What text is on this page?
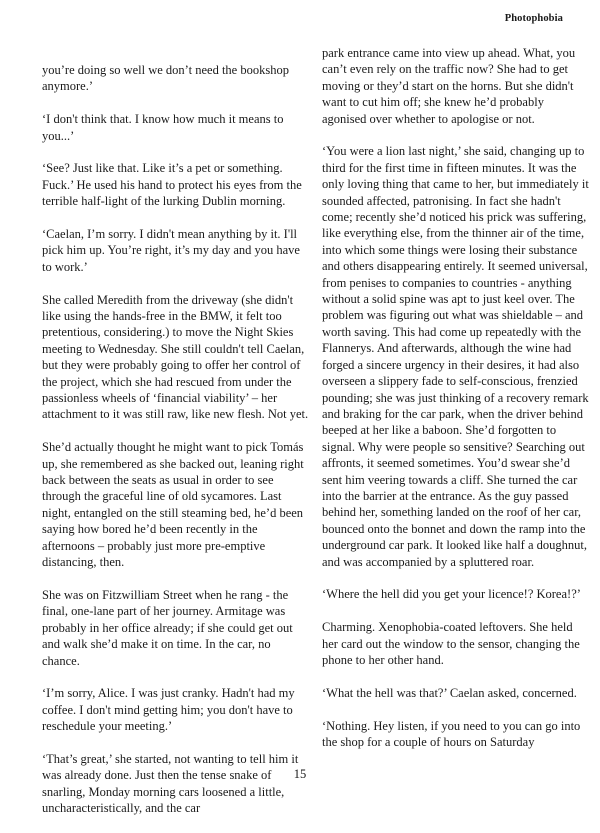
Photophobia

you’re doing so well we don’t need the bookshop anymore.’

‘I don't think that. I know how much it means to you...’

‘See? Just like that. Like it’s a pet or something. Fuck.’ He used his hand to protect his eyes from the terrible half-light of the lurking Dublin morning.

‘Caelan, I’m sorry. I didn't mean anything by it. I'll pick him up. You’re right, it’s my day and you have to work.’

She called Meredith from the driveway (she didn't like using the hands-free in the BMW, it felt too pretentious, considering.) to move the Night Skies meeting to Wednesday. She still couldn't tell Caelan, but they were probably going to offer her control of the project, which she had rescued from under the passionless wheels of ‘financial viability’ – her attachment to it was still raw, like new flesh. Not yet.

She’d actually thought he might want to pick Tomás up, she remembered as she backed out, leaning right back between the seats as usual in order to see through the graceful line of old sycamores. Last night, entangled on the still steaming bed, he’d been saying how bored he’d been recently in the afternoons – probably just more pre-emptive distancing, then.

She was on Fitzwilliam Street when he rang - the final, one-lane part of her journey. Armitage was probably in her office already; if she could get out and walk she’d make it on time. In the car, no chance.

‘I’m sorry, Alice. I was just cranky. Hadn't had my coffee. I don't mind getting him; you don't have to reschedule your meeting.’

‘That’s great,’ she started, not wanting to tell him it was already done. Just then the tense snake of snarling, Monday morning cars loosened a little, uncharacteristically, and the car

park entrance came into view up ahead. What, you can’t even rely on the traffic now? She had to get moving or they’d start on the horns. But she didn't want to cut him off; she knew he’d probably agonised over whether to apologise or not.

‘You were a lion last night,’ she said, changing up to third for the first time in fifteen minutes. It was the only loving thing that came to her, but immediately it sounded affected, patronising. In fact she hadn't come; recently she’d noticed his prick was suffering, like everything else, from the thinner air of the time, into which some things were losing their substance and others disappearing entirely. It seemed universal, from penises to companies to countries - anything without a solid spine was apt to just keel over. The problem was figuring out what was shieldable – and worth saving. This had come up repeatedly with the Flannerys. And afterwards, although the wine had forged a sincere urgency in their desires, it had also overseen a slippery fade to self-conscious, frenzied pounding; she was just thinking of a recovery remark and braking for the car park, when the driver behind beeped at her like a baboon. She’d forgotten to signal. Why were people so sensitive? Searching out affronts, it seemed sometimes. You’d swear she’d sent him veering towards a cliff. She turned the car into the barrier at the entrance. As the guy passed behind her, something landed on the roof of her car, bounced onto the bonnet and down the ramp into the underground car park. It looked like half a doughnut, and was accompanied by a spluttered roar.

‘Where the hell did you get your licence!? Korea!?’

Charming. Xenophobia-coated leftovers. She held her card out the window to the sensor, changing the phone to her other hand.

‘What the hell was that?’ Caelan asked, concerned.

‘Nothing. Hey listen, if you need to you can go into the shop for a couple of hours on Saturday

15
